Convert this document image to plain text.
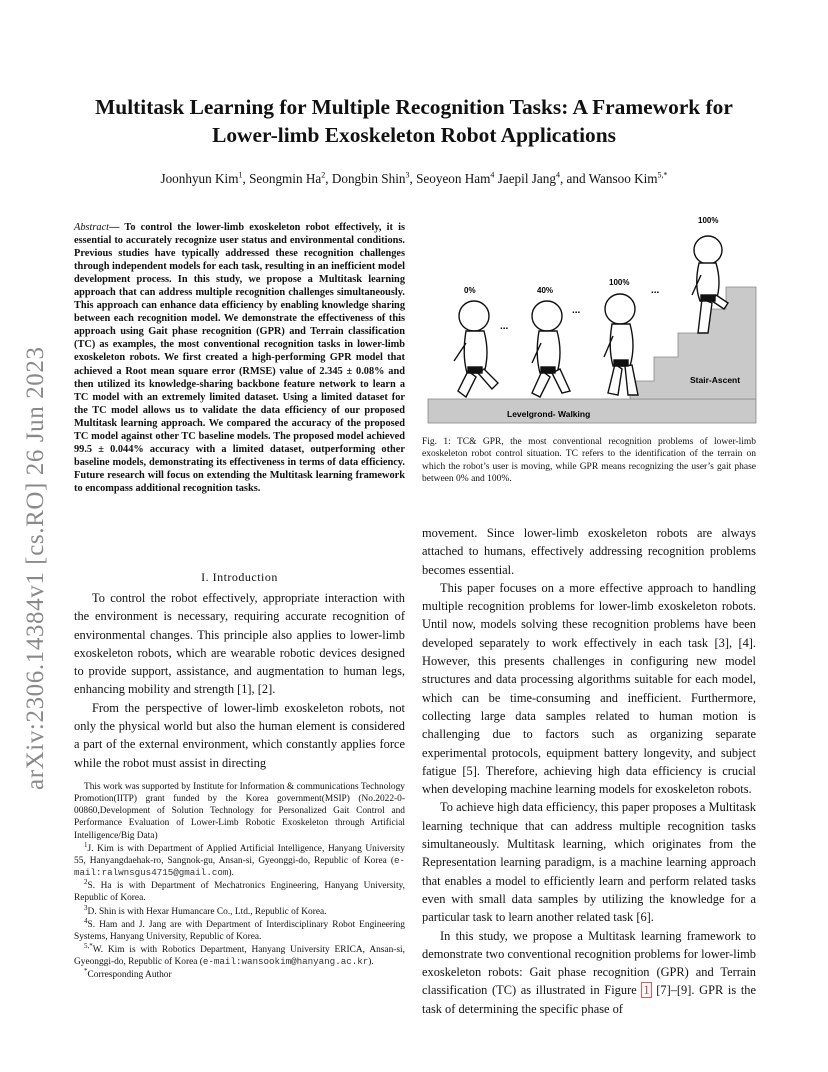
arXiv:2306.14384v1 [cs.RO] 26 Jun 2023
Multitask Learning for Multiple Recognition Tasks: A Framework for
Lower-limb Exoskeleton Robot Applications
Joonhyun Kim$^1$, Seongmin Ha$^2$, Dongbin Shin$^3$, Seoyeon Ham$^4$ Jaepil Jang$^4$, and Wansoo Kim$^{5,*}$
Abstract— To control the lower-limb exoskeleton robot effectively, it is essential to accurately recognize user status and environmental conditions. Previous studies have typically addressed these recognition challenges through independent models for each task, resulting in an inefficient model development process. In this study, we propose a Multitask learning approach that can address multiple recognition challenges simultaneously. This approach can enhance data efficiency by enabling knowledge sharing between each recognition model. We demonstrate the effectiveness of this approach using Gait phase recognition (GPR) and Terrain classification (TC) as examples, the most conventional recognition tasks in lower-limb exoskeleton robots. We first created a high-performing GPR model that achieved a Root mean square error (RMSE) value of 2.345 ± 0.08% and then utilized its knowledge-sharing backbone feature network to learn a TC model with an extremely limited dataset. Using a limited dataset for the TC model allows us to validate the data efficiency of our proposed Multitask learning approach. We compared the accuracy of the proposed TC model against other TC baseline models. The proposed model achieved 99.5 ± 0.044% accuracy with a limited dataset, outperforming other baseline models, demonstrating its effectiveness in terms of data efficiency. Future research will focus on extending the Multitask learning framework to encompass additional recognition tasks.
I. Introduction

To control the robot effectively, appropriate interaction with the environment is necessary, requiring accurate recognition of environmental changes. This principle also applies to lower-limb exoskeleton robots, which are wearable robotic devices designed to provide support, assistance, and augmentation to human legs, enhancing mobility and strength [1], [2].

From the perspective of lower-limb exoskeleton robots, not only the physical world but also the human element is considered a part of the external environment, which constantly applies force while the robot must assist in directing

This work was supported by Institute for Information & communications Technology Promotion(IITP) grant funded by the Korea government(MSIP) (No.2022-0-00860,Development of Solution Technology for Personalized Gait Control and Performance Evaluation of Lower-Limb Robotic Exoskeleton through Artificial Intelligence/Big Data)

$^1$J. Kim is with Department of Applied Artificial Intelligence, Hanyang University 55, Hanyangdaehak-ro, Sangnok-gu, Ansan-si, Gyeonggi-do, Republic of Korea (e-mail:ralwnsgus4715@gmail.com).

$^2$S. Ha is with Department of Mechatronics Engineering, Hanyang University, Republic of Korea.

$^3$D. Shin is with Hexar Humancare Co., Ltd., Republic of Korea.

$^4$S. Ham and J. Jang are with Department of Interdisciplinary Robot Engineering Systems, Hanyang University, Republic of Korea.

$^{5,*}$W. Kim is with Robotics Department, Hanyang University ERICA, Ansan-si, Gyeonggi-do, Republic of Korea (e-mail:wansookim@hanyang.ac.kr).

*Corresponding Author

Levelgrond- Walking
Stair-Ascent
0%
...
40%
...
100%
...
100%
Fig. 1: TC& GPR, the most conventional recognition problems of lower-limb exoskeleton robot control situation. TC refers to the identification of the terrain on which the robot’s user is moving, while GPR means recognizing the user’s gait phase between 0% and 100%.

movement. Since lower-limb exoskeleton robots are always attached to humans, effectively addressing recognition problems becomes essential.

This paper focuses on a more effective approach to handling multiple recognition problems for lower-limb exoskeleton robots. Until now, models solving these recognition problems have been developed separately to work effectively in each task [3], [4]. However, this presents challenges in configuring new model structures and data processing algorithms suitable for each model, which can be time-consuming and inefficient. Furthermore, collecting large data samples related to human motion is challenging due to factors such as organizing separate experimental protocols, equipment battery longevity, and subject fatigue [5]. Therefore, achieving high data efficiency is crucial when developing machine learning models for exoskeleton robots.

To achieve high data efficiency, this paper proposes a Multitask learning technique that can address multiple recognition tasks simultaneously. Multitask learning, which originates from the Representation learning paradigm, is a machine learning approach that enables a model to efficiently learn and perform related tasks even with small data samples by utilizing the knowledge for a particular task to learn another related task [6].

In this study, we propose a Multitask learning framework to demonstrate two conventional recognition problems for lower-limb exoskeleton robots: Gait phase recognition (GPR) and Terrain classification (TC) as illustrated in Figure 1 [7]–[9]. GPR is the task of determining the specific phase of
